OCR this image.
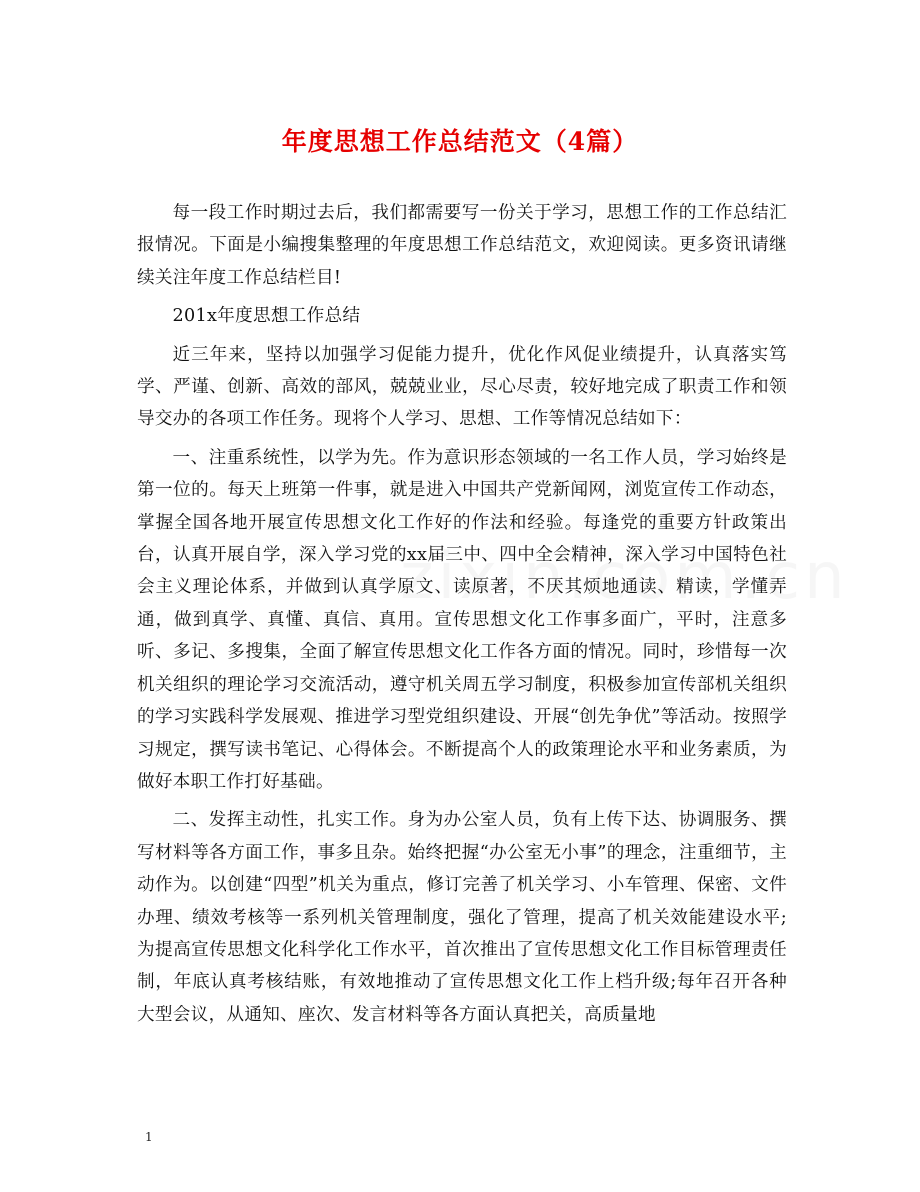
年度思想工作总结范文（4篇）

每一段工作时期过去后，我们都需要写一份关于学习，思想工作的工作总结汇报情况。下面是小编搜集整理的年度思想工作总结范文，欢迎阅读。更多资讯请继续关注年度工作总结栏目!

201x年度思想工作总结

近三年来，坚持以加强学习促能力提升，优化作风促业绩提升，认真落实笃学、严谨、创新、高效的部风，兢兢业业，尽心尽责，较好地完成了职责工作和领导交办的各项工作任务。现将个人学习、思想、工作等情况总结如下：

一、注重系统性，以学为先。作为意识形态领域的一名工作人员，学习始终是第一位的。每天上班第一件事，就是进入中国共产党新闻网，浏览宣传工作动态，掌握全国各地开展宣传思想文化工作好的作法和经验。每逢党的重要方针政策出台，认真开展自学，深入学习党的xx届三中、四中全会精神，深入学习中国特色社会主义理论体系，并做到认真学原文、读原著，不厌其烦地通读、精读，学懂弄通，做到真学、真懂、真信、真用。宣传思想文化工作事多面广，平时，注意多听、多记、多搜集，全面了解宣传思想文化工作各方面的情况。同时，珍惜每一次机关组织的理论学习交流活动，遵守机关周五学习制度，积极参加宣传部机关组织的学习实践科学发展观、推进学习型党组织建设、开展“创先争优”等活动。按照学习规定，撰写读书笔记、心得体会。不断提高个人的政策理论水平和业务素质，为做好本职工作打好基础。

二、发挥主动性，扎实工作。身为办公室人员，负有上传下达、协调服务、撰写材料等各方面工作，事多且杂。始终把握“办公室无小事”的理念，注重细节，主动作为。以创建“四型”机关为重点，修订完善了机关学习、小车管理、保密、文件办理、绩效考核等一系列机关管理制度，强化了管理，提高了机关效能建设水平;为提高宣传思想文化科学化工作水平，首次推出了宣传思想文化工作目标管理责任制，年底认真考核结账，有效地推动了宣传思想文化工作上档升级;每年召开各种大型会议，从通知、座次、发言材料等各方面认真把关，高质量地

1
